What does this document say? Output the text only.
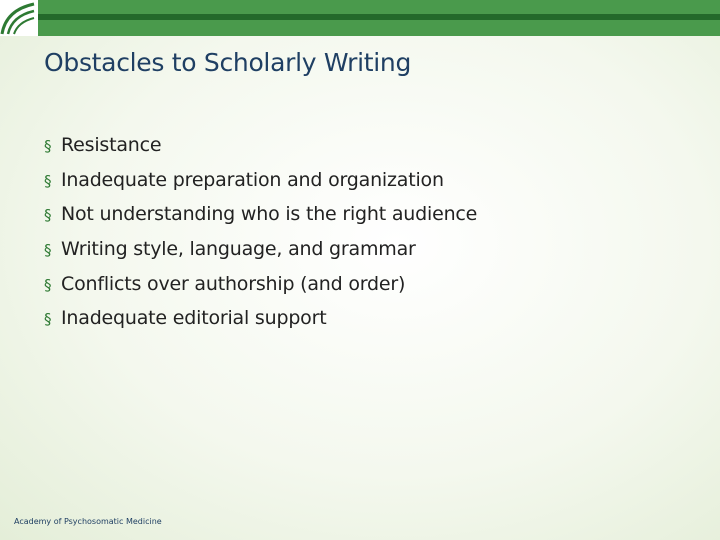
Obstacles to Scholarly Writing
§ Resistance
§ Inadequate preparation and organization
§ Not understanding who is the right audience
§ Writing style, language, and grammar
§ Conflicts over authorship (and order)
§ Inadequate editorial support
Academy of Psychosomatic Medicine
